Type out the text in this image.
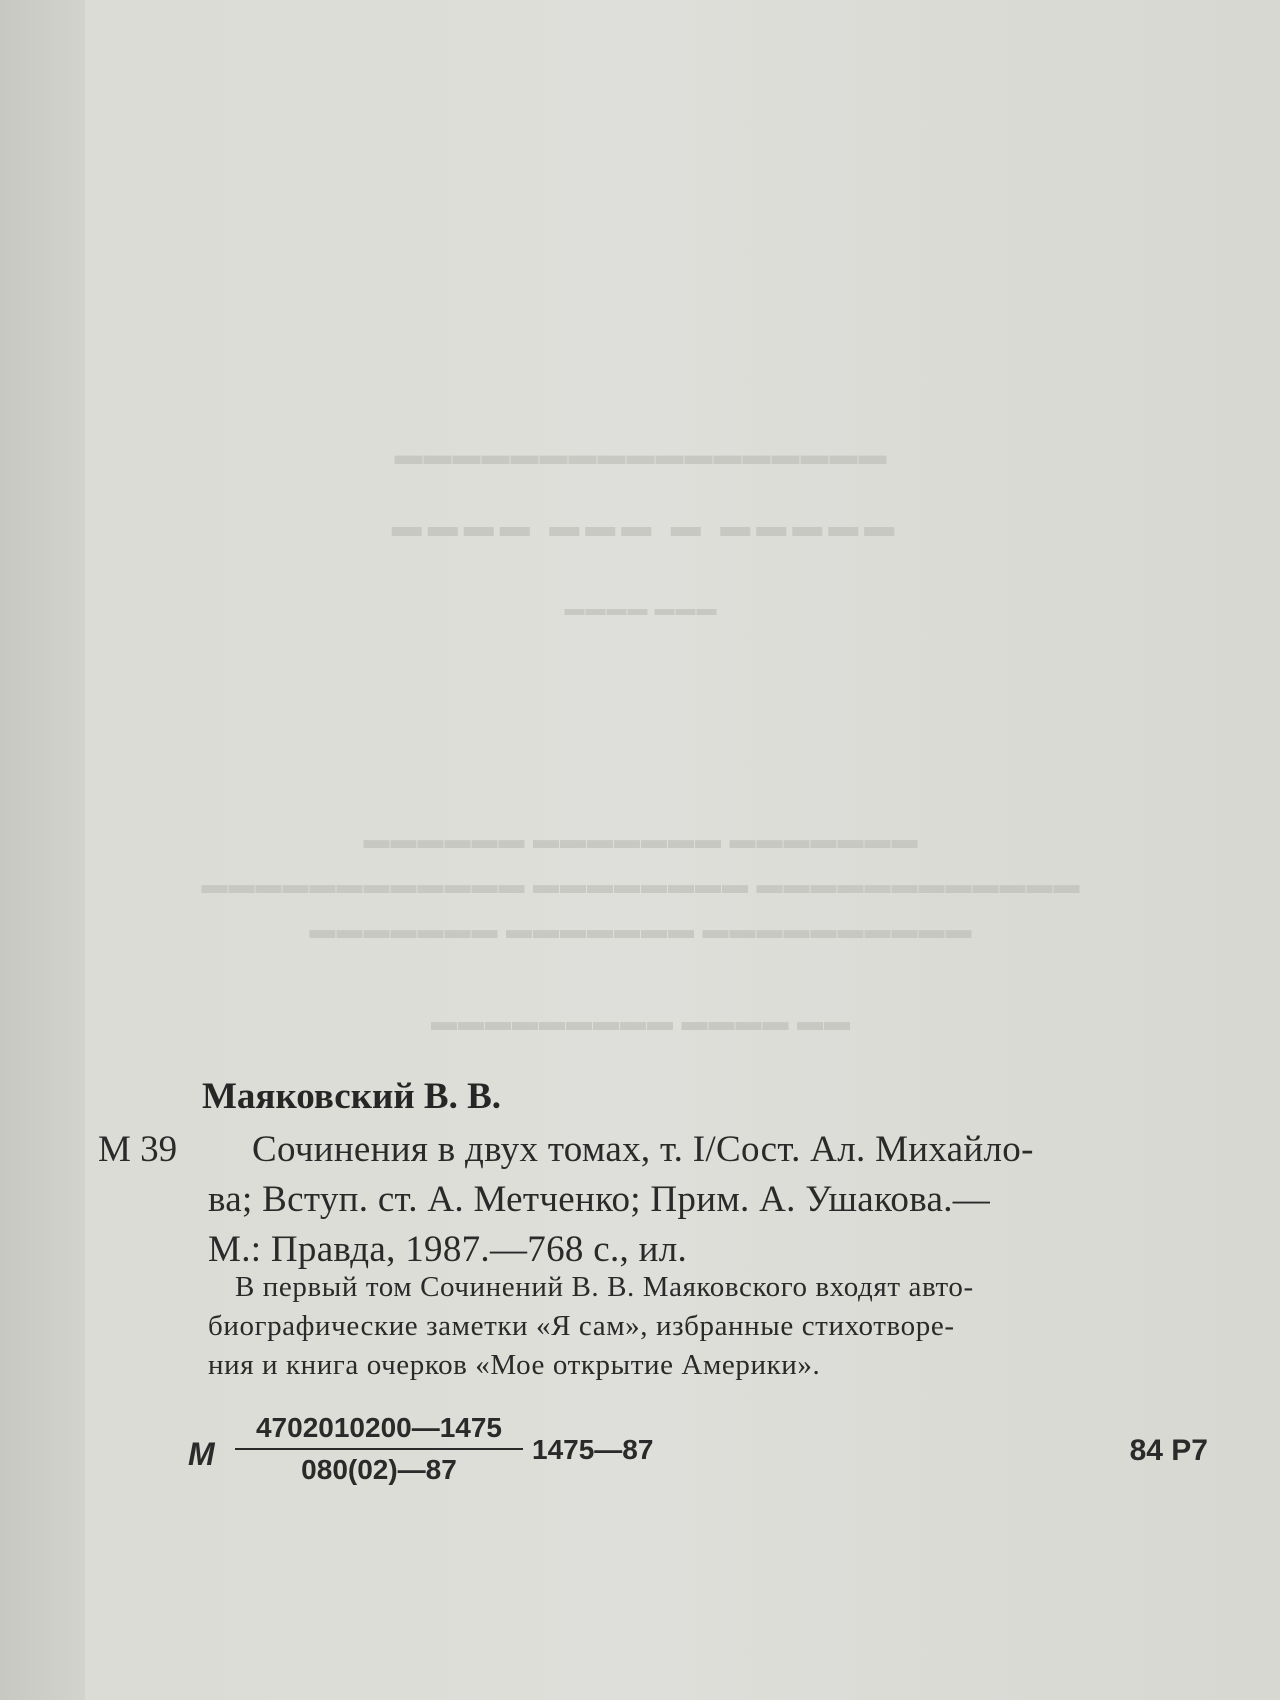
▬▬▬▬▬▬▬▬▬▬▬▬▬▬▬▬▬
▬▬▬▬▬ ▬ ▬▬▬ ▬▬▬▬
▬▬▬ ▬▬▬▬
▬▬▬▬▬▬▬ ▬▬▬▬▬▬▬ ▬▬▬▬▬▬
▬▬▬▬▬▬▬▬▬▬▬▬ ▬▬▬▬▬▬▬▬ ▬▬▬▬▬▬▬▬▬▬▬▬
▬▬▬▬▬▬▬▬▬▬ ▬▬▬▬▬▬▬ ▬▬▬▬▬▬▬
▬▬ ▬▬▬▬ ▬▬▬▬▬▬▬▬▬
Маяковский В. В.
М 39 Сочинения в двух томах, т. I/Сост. Ал. Михайло-
ва; Вступ. ст. А. Метченко; Прим. А. Ушакова.—
М.: Правда, 1987.—768 с., ил.
В первый том Сочинений В. В. Маяковского входят авто-
биографические заметки «Я сам», избранные стихотворе-
ния и книга очерков «Мое открытие Америки».
М
4702010200—1475
080(02)—87
1475—87	84 Р7
